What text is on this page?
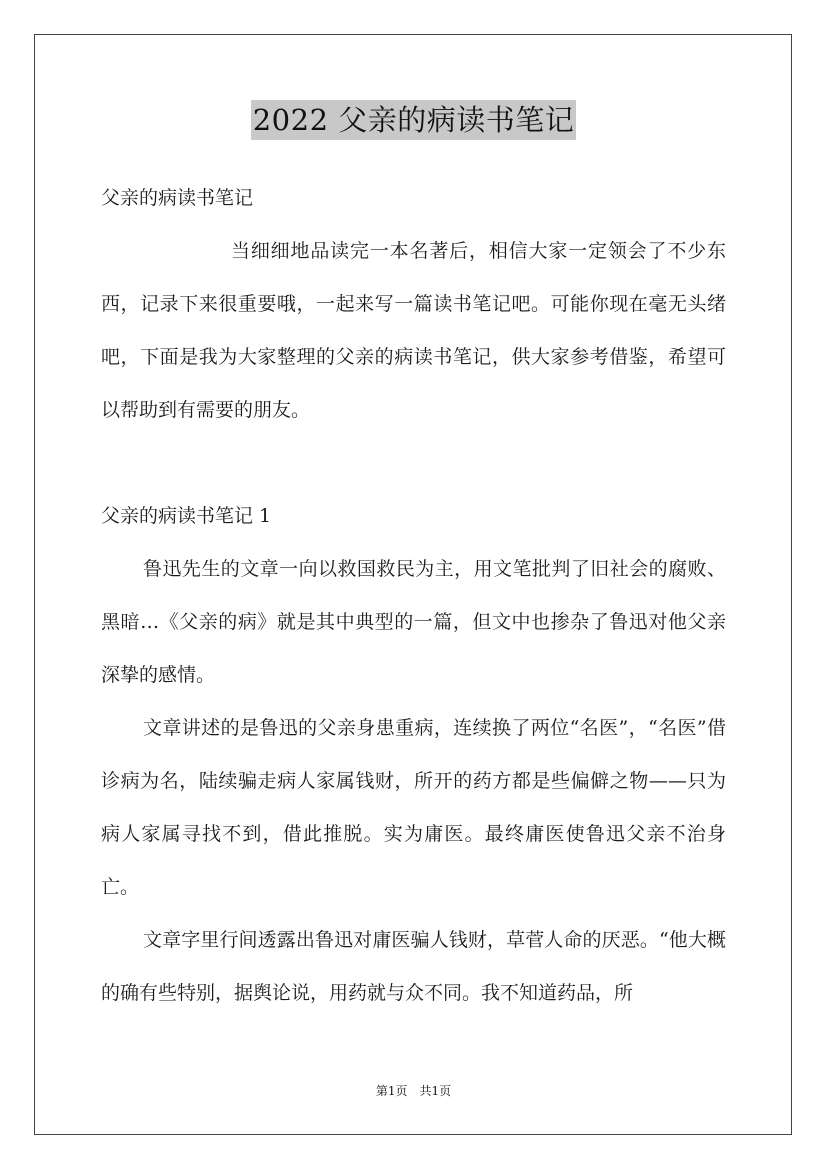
2022 父亲的病读书笔记

父亲的病读书笔记

当细细地品读完一本名著后，相信大家一定领会了不少东西，记录下来很重要哦，一起来写一篇读书笔记吧。可能你现在毫无头绪吧，下面是我为大家整理的父亲的病读书笔记，供大家参考借鉴，希望可以帮助到有需要的朋友。

父亲的病读书笔记 1

鲁迅先生的文章一向以救国救民为主，用文笔批判了旧社会的腐败、黑暗…《父亲的病》就是其中典型的一篇，但文中也掺杂了鲁迅对他父亲深挚的感情。

文章讲述的是鲁迅的父亲身患重病，连续换了两位“名医”，“名医”借诊病为名，陆续骗走病人家属钱财，所开的药方都是些偏僻之物——只为病人家属寻找不到，借此推脱。实为庸医。最终庸医使鲁迅父亲不治身亡。

文章字里行间透露出鲁迅对庸医骗人钱财，草菅人命的厌恶。“他大概的确有些特别，据舆论说，用药就与众不同。我不知道药品，所

第1页 共1页
